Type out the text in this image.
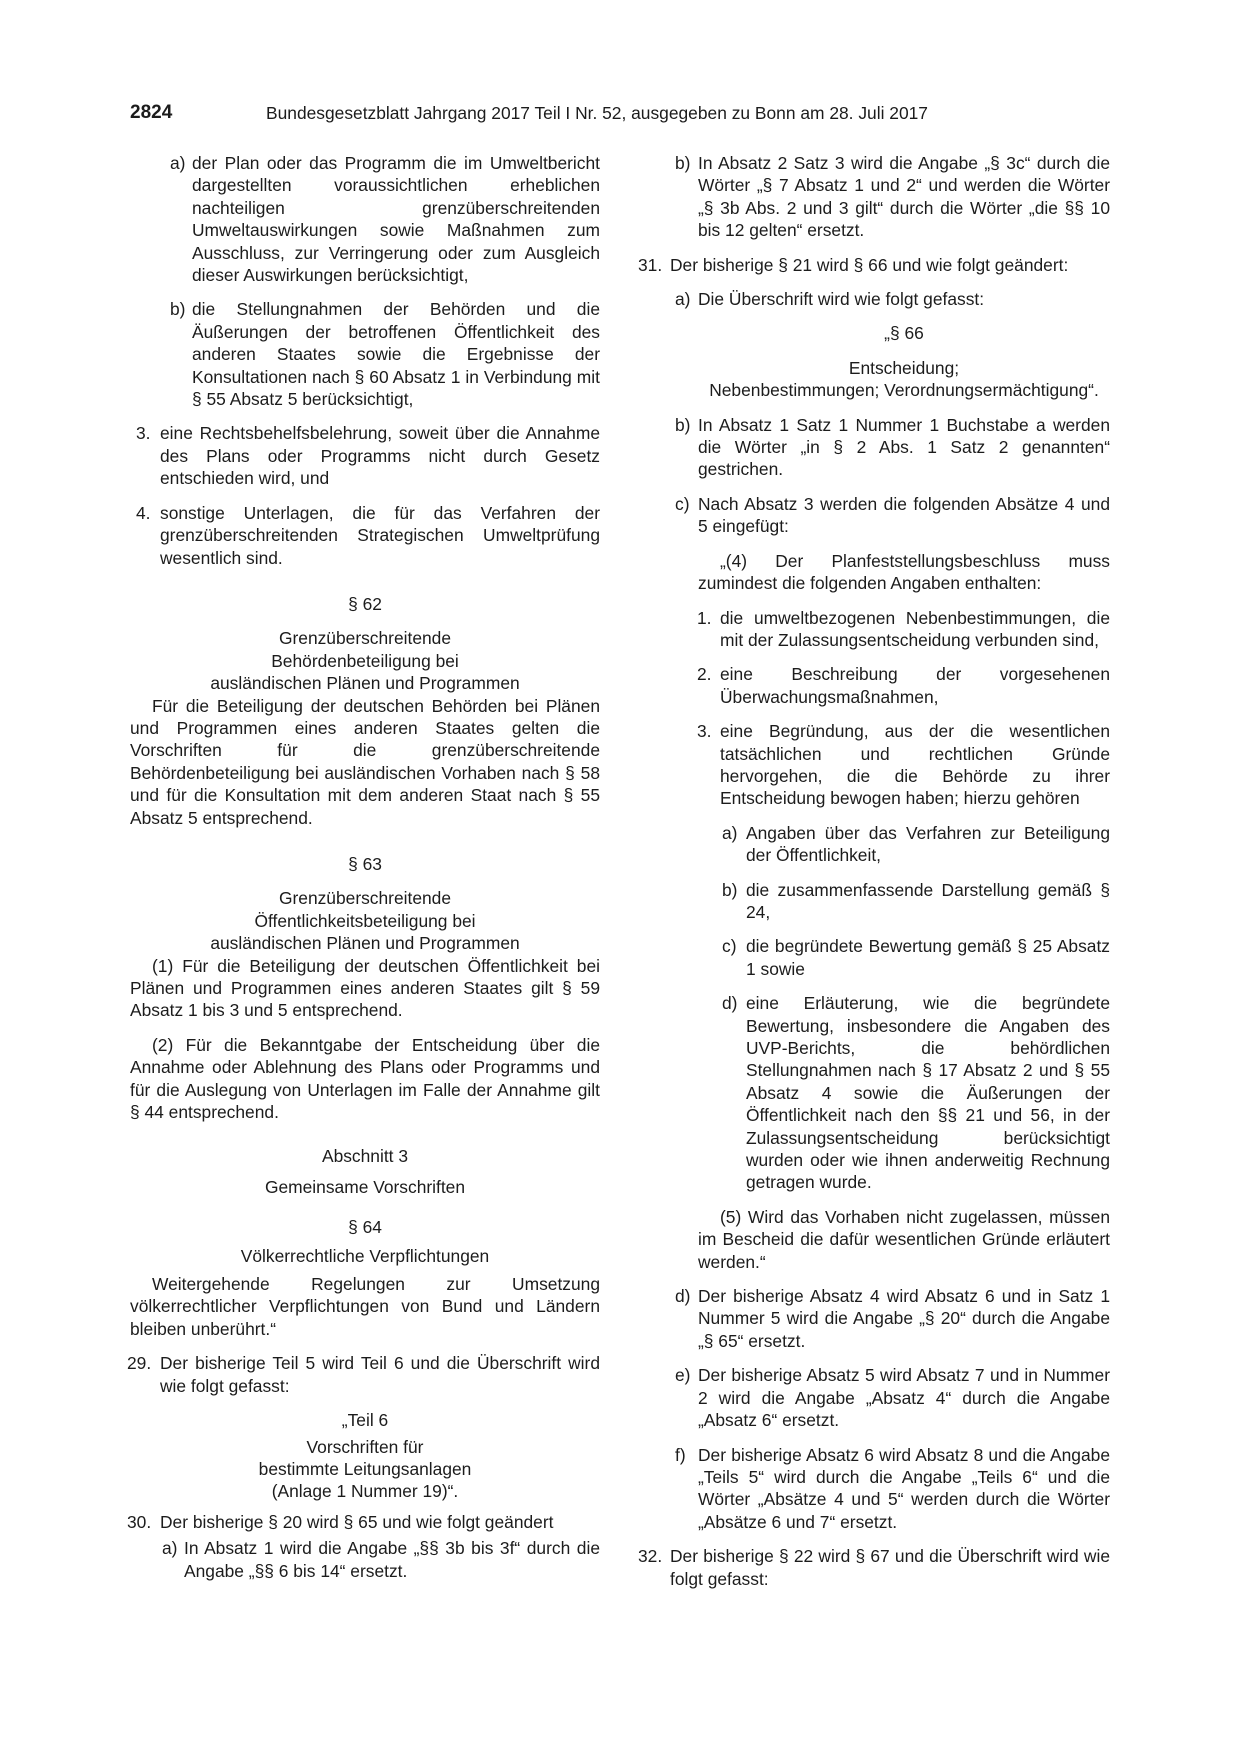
2824	Bundesgesetzblatt Jahrgang 2017 Teil I Nr. 52, ausgegeben zu Bonn am 28. Juli 2017
a) der Plan oder das Programm die im Umweltbericht dargestellten voraussichtlichen erheblichen nachteiligen grenzüberschreitenden Umweltauswirkungen sowie Maßnahmen zum Ausschluss, zur Verringerung oder zum Ausgleich dieser Auswirkungen berücksichtigt,
b) die Stellungnahmen der Behörden und die Äußerungen der betroffenen Öffentlichkeit des anderen Staates sowie die Ergebnisse der Konsultationen nach § 60 Absatz 1 in Verbindung mit § 55 Absatz 5 berücksichtigt,
3. eine Rechtsbehelfsbelehrung, soweit über die Annahme des Plans oder Programms nicht durch Gesetz entschieden wird, und
4. sonstige Unterlagen, die für das Verfahren der grenzüberschreitenden Strategischen Umweltprüfung wesentlich sind.
§ 62
Grenzüberschreitende
Behördenbeteiligung bei
ausländischen Plänen und Programmen
Für die Beteiligung der deutschen Behörden bei Plänen und Programmen eines anderen Staates gelten die Vorschriften für die grenzüberschreitende Behördenbeteiligung bei ausländischen Vorhaben nach § 58 und für die Konsultation mit dem anderen Staat nach § 55 Absatz 5 entsprechend.
§ 63
Grenzüberschreitende
Öffentlichkeitsbeteiligung bei
ausländischen Plänen und Programmen
(1) Für die Beteiligung der deutschen Öffentlichkeit bei Plänen und Programmen eines anderen Staates gilt § 59 Absatz 1 bis 3 und 5 entsprechend.
(2) Für die Bekanntgabe der Entscheidung über die Annahme oder Ablehnung des Plans oder Programms und für die Auslegung von Unterlagen im Falle der Annahme gilt § 44 entsprechend.
Abschnitt 3
Gemeinsame Vorschriften
§ 64
Völkerrechtliche Verpflichtungen
Weitergehende Regelungen zur Umsetzung völkerrechtlicher Verpflichtungen von Bund und Ländern bleiben unberührt.“
29. Der bisherige Teil 5 wird Teil 6 und die Überschrift wird wie folgt gefasst:
„Teil 6
Vorschriften für
bestimmte Leitungsanlagen
(Anlage 1 Nummer 19)“.
30. Der bisherige § 20 wird § 65 und wie folgt geändert
a) In Absatz 1 wird die Angabe „§§ 3b bis 3f“ durch die Angabe „§§ 6 bis 14“ ersetzt.
b) In Absatz 2 Satz 3 wird die Angabe „§ 3c“ durch die Wörter „§ 7 Absatz 1 und 2“ und werden die Wörter „§ 3b Abs. 2 und 3 gilt“ durch die Wörter „die §§ 10 bis 12 gelten“ ersetzt.
31. Der bisherige § 21 wird § 66 und wie folgt geändert:
a) Die Überschrift wird wie folgt gefasst:
„§ 66
Entscheidung;
Nebenbestimmungen; Verordnungsermächtigung“.
b) In Absatz 1 Satz 1 Nummer 1 Buchstabe a werden die Wörter „in § 2 Abs. 1 Satz 2 genannten“ gestrichen.
c) Nach Absatz 3 werden die folgenden Absätze 4 und 5 eingefügt:
„(4) Der Planfeststellungsbeschluss muss zumindest die folgenden Angaben enthalten:
1. die umweltbezogenen Nebenbestimmungen, die mit der Zulassungsentscheidung verbunden sind,
2. eine Beschreibung der vorgesehenen Überwachungsmaßnahmen,
3. eine Begründung, aus der die wesentlichen tatsächlichen und rechtlichen Gründe hervorgehen, die die Behörde zu ihrer Entscheidung bewogen haben; hierzu gehören
a) Angaben über das Verfahren zur Beteiligung der Öffentlichkeit,
b) die zusammenfassende Darstellung gemäß § 24,
c) die begründete Bewertung gemäß § 25 Absatz 1 sowie
d) eine Erläuterung, wie die begründete Bewertung, insbesondere die Angaben des UVP-Berichts, die behördlichen Stellungnahmen nach § 17 Absatz 2 und § 55 Absatz 4 sowie die Äußerungen der Öffentlichkeit nach den §§ 21 und 56, in der Zulassungsentscheidung berücksichtigt wurden oder wie ihnen anderweitig Rechnung getragen wurde.
(5) Wird das Vorhaben nicht zugelassen, müssen im Bescheid die dafür wesentlichen Gründe erläutert werden.“
d) Der bisherige Absatz 4 wird Absatz 6 und in Satz 1 Nummer 5 wird die Angabe „§ 20“ durch die Angabe „§ 65“ ersetzt.
e) Der bisherige Absatz 5 wird Absatz 7 und in Nummer 2 wird die Angabe „Absatz 4“ durch die Angabe „Absatz 6“ ersetzt.
f) Der bisherige Absatz 6 wird Absatz 8 und die Angabe „Teils 5“ wird durch die Angabe „Teils 6“ und die Wörter „Absätze 4 und 5“ werden durch die Wörter „Absätze 6 und 7“ ersetzt.
32. Der bisherige § 22 wird § 67 und die Überschrift wird wie folgt gefasst:
